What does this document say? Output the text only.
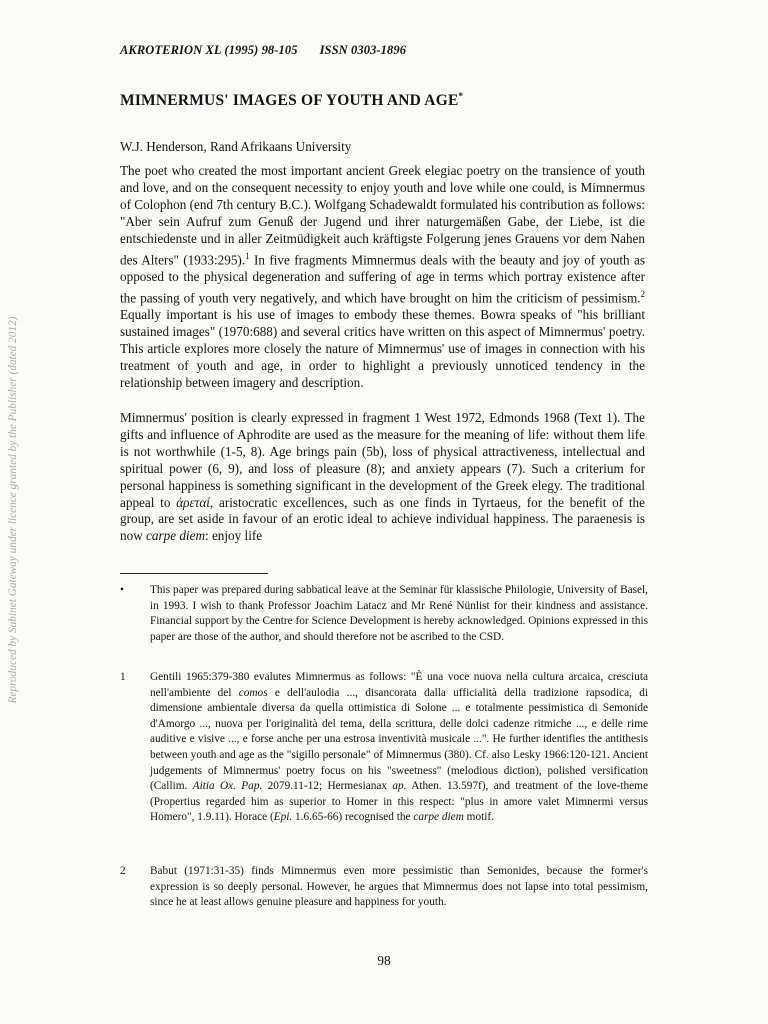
AKROTERION XL (1995) 98-105 ISSN 0303-1896
MIMNERMUS' IMAGES OF YOUTH AND AGE*
W.J. Henderson, Rand Afrikaans University

The poet who created the most important ancient Greek elegiac poetry on the transience of youth and love, and on the consequent necessity to enjoy youth and love while one could, is Mimnermus of Colophon (end 7th century B.C.). Wolfgang Schadewaldt formulated his contribution as follows: "Aber sein Aufruf zum Genuß der Jugend und ihrer naturgemäßen Gabe, der Liebe, ist die entschiedenste und in aller Zeitmüdigkeit auch kräftigste Folgerung jenes Grauens vor dem Nahen des Alters" (1933:295).$^1$ In five fragments Mimnermus deals with the beauty and joy of youth as opposed to the physical degeneration and suffering of age in terms which portray existence after the passing of youth very negatively, and which have brought on him the criticism of pessimism.$^2$ Equally important is his use of images to embody these themes. Bowra speaks of "his brilliant sustained images" (1970:688) and several critics have written on this aspect of Mimnermus' poetry. This article explores more closely the nature of Mimnermus' use of images in connection with his treatment of youth and age, in order to highlight a previously unnoticed tendency in the relationship between imagery and description.

Mimnermus' position is clearly expressed in fragment 1 West 1972, Edmonds 1968 (Text 1). The gifts and influence of Aphrodite are used as the measure for the meaning of life: without them life is not worthwhile (1-5, 8). Age brings pain (5b), loss of physical attractiveness, intellectual and spiritual power (6, 9), and loss of pleasure (8); and anxiety appears (7). Such a criterium for personal happiness is something significant in the development of the Greek elegy. The traditional appeal to ἀρεταί, aristocratic excellences, such as one finds in Tyrtaeus, for the benefit of the group, are set aside in favour of an erotic ideal to achieve individual happiness. The paraenesis is now carpe diem: enjoy life

•	This paper was prepared during sabbatical leave at the Seminar für klassische Philologie, University of Basel, in 1993. I wish to thank Professor Joachim Latacz and Mr René Nünlist for their kindness and assistance. Financial support by the Centre for Science Development is hereby acknowledged. Opinions expressed in this paper are those of the author, and should therefore not be ascribed to the CSD.
1	Gentili 1965:379-380 evalutes Mimnermus as follows: "È una voce nuova nella cultura arcaica, cresciuta nell'ambiente del comos e dell'aulodia ..., disancorata dalla ufficialità della tradizione rapsodica, di dimensione ambientale diversa da quella ottimistica di Solone ... e totalmente pessimistica di Semonide d'Amorgo ..., nuova per l'originalità del tema, della scrittura, delle dolci cadenze ritmiche ..., e delle rime auditive e visive ..., e forse anche per una estrosa inventività musicale ...". He further identifies the antithesis between youth and age as the "sigillo personale" of Mimnermus (380). Cf. also Lesky 1966:120-121. Ancient judgements of Mimnermus' poetry focus on his "sweetness" (melodious diction), polished versification (Callim. Aitia Ox. Pap. 2079.11-12; Hermesianax ap. Athen. 13.597f), and treatment of the love-theme (Propertius regarded him as superior to Homer in this respect: "plus in amore valet Mimnermi versus Homero", 1.9.11). Horace (Epi. 1.6.65-66) recognised the carpe diem motif.
2	Babut (1971:31-35) finds Mimnermus even more pessimistic than Semonides, because the former's expression is so deeply personal. However, he argues that Mimnermus does not lapse into total pessimism, since he at least allows genuine pleasure and happiness for youth.
98
Reproduced by Sabinet Gateway under licence granted by the Publisher (dated 2012)
